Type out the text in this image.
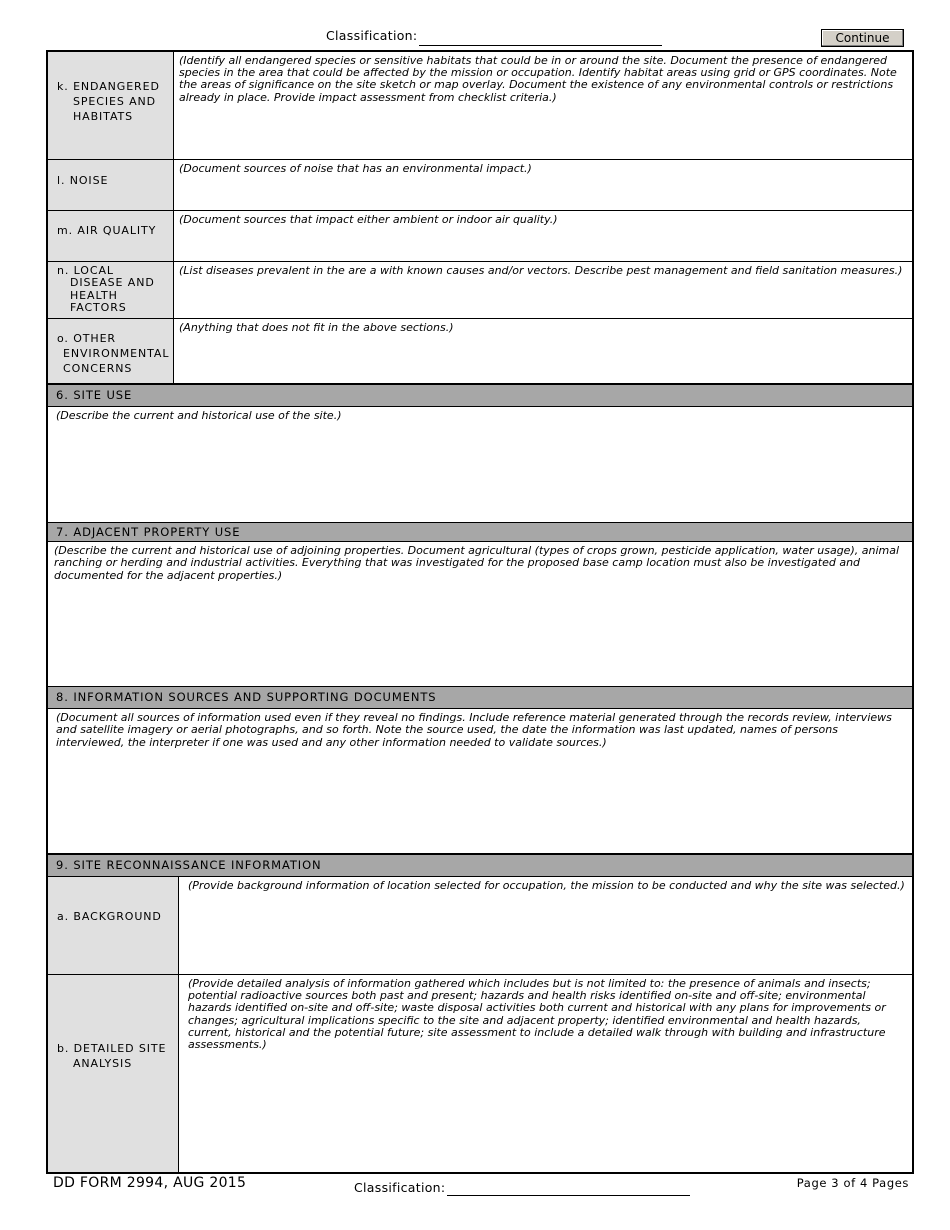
Classification:	Continue
k. ENDANGERED
SPECIES AND
HABITATS
(Identify all endangered species or sensitive habitats that could be in or around the site. Document the presence of endangered species in the area that could be affected by the mission or occupation. Identify habitat areas using grid or GPS coordinates. Note the areas of significance on the site sketch or map overlay. Document the existence of any environmental controls or restrictions already in place. Provide impact assessment from checklist criteria.)
l. NOISE
(Document sources of noise that has an environmental impact.)
m. AIR QUALITY
(Document sources that impact either ambient or indoor air quality.)
n. LOCAL
DISEASE AND
HEALTH
FACTORS
(List diseases prevalent in the are a with known causes and/or vectors. Describe pest management and field sanitation measures.)
o. OTHER
ENVIRONMENTAL
CONCERNS
(Anything that does not fit in the above sections.)
6. SITE USE
(Describe the current and historical use of the site.)
7. ADJACENT PROPERTY USE
(Describe the current and historical use of adjoining properties. Document agricultural (types of crops grown, pesticide application, water usage), animal ranching or herding and industrial activities. Everything that was investigated for the proposed base camp location must also be investigated and documented for the adjacent properties.)
8. INFORMATION SOURCES AND SUPPORTING DOCUMENTS
(Document all sources of information used even if they reveal no findings. Include reference material generated through the records review, interviews and satellite imagery or aerial photographs, and so forth. Note the source used, the date the information was last updated, names of persons interviewed, the interpreter if one was used and any other information needed to validate sources.)
9. SITE RECONNAISSANCE INFORMATION
a. BACKGROUND
(Provide background information of location selected for occupation, the mission to be conducted and why the site was selected.)
b. DETAILED SITE
ANALYSIS
(Provide detailed analysis of information gathered which includes but is not limited to: the presence of animals and insects; potential radioactive sources both past and present; hazards and health risks identified on-site and off-site; environmental hazards identified on-site and off-site; waste disposal activities both current and historical with any plans for improvements or changes; agricultural implications specific to the site and adjacent property; identified environmental and health hazards, current, historical and the potential future; site assessment to include a detailed walk through with building and infrastructure assessments.)
DD FORM 2994, AUG 2015	Classification:	Page 3 of 4 Pages
